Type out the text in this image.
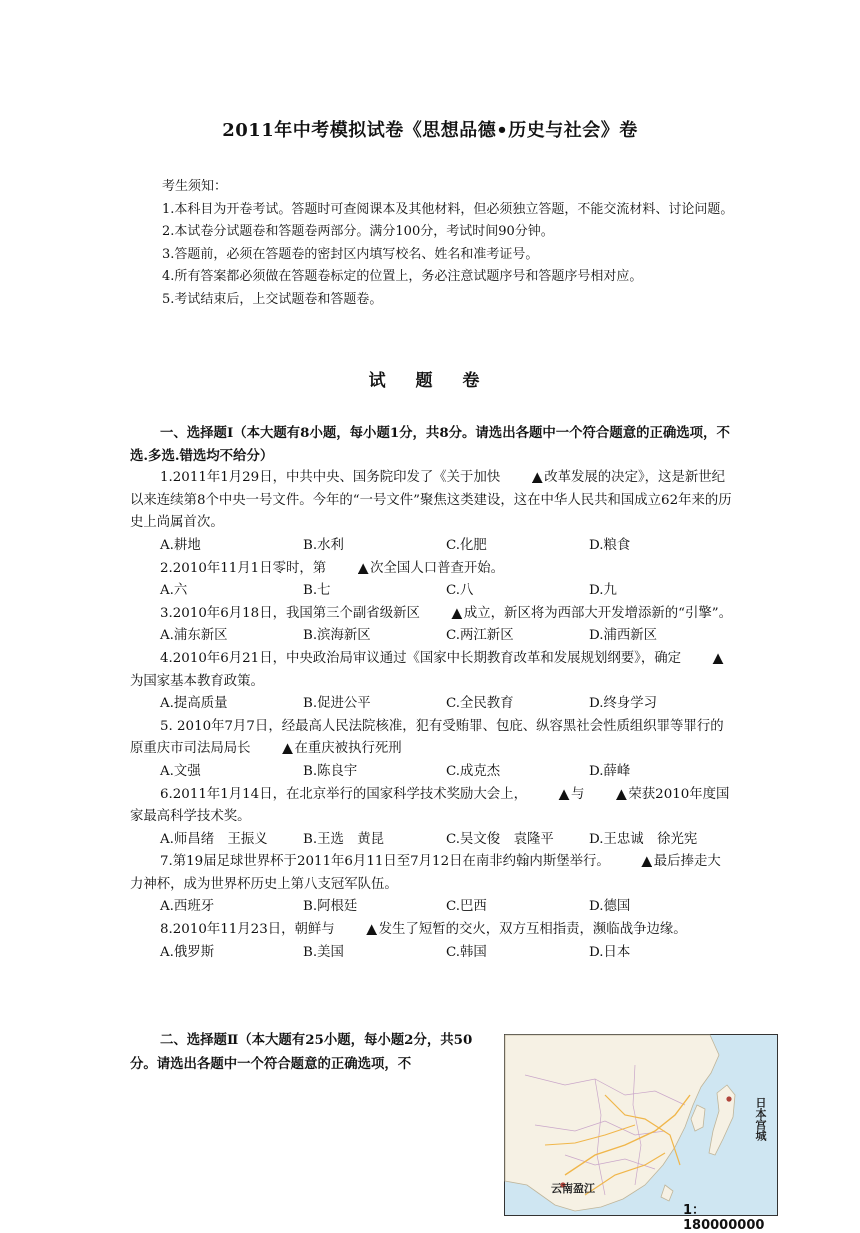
2011年中考模拟试卷《思想品德•历史与社会》卷
考生须知：
1.本科目为开卷考试。答题时可查阅课本及其他材料，但必须独立答题，不能交流材料、讨论问题。
2.本试卷分试题卷和答题卷两部分。满分100分，考试时间90分钟。
3.答题前，必须在答题卷的密封区内填写校名、姓名和准考证号。
4.所有答案都必须做在答题卷标定的位置上，务必注意试题序号和答题序号相对应。
5.考试结束后，上交试题卷和答题卷。
试 题 卷
一、选择题Ⅰ（本大题有8小题，每小题1分，共8分。请选出各题中一个符合题意的正确选项，不选.多选.错选均不给分）
1.2011年1月29日，中共中央、国务院印发了《关于加快 ▲ 改革发展的决定》，这是新世纪以来连续第8个中央一号文件。今年的“一号文件”聚焦这类建设，这在中华人民共和国成立62年来的历史上尚属首次。
A.耕地	B.水利	C.化肥	D.粮食
2.2010年11月1日零时，第 ▲ 次全国人口普查开始。
A.六	B.七	C.八	D.九
3.2010年6月18日，我国第三个副省级新区 ▲ 成立，新区将为西部大开发增添新的“引擎”。
A.浦东新区	B.滨海新区	C.两江新区	D.浦西新区
4.2010年6月21日，中央政治局审议通过《国家中长期教育改革和发展规划纲要》，确定 ▲为国家基本教育政策。
A.提高质量	B.促进公平	C.全民教育	D.终身学习
5. 2010年7月7日，经最高人民法院核准，犯有受贿罪、包庇、纵容黑社会性质组织罪等罪行的原重庆市司法局局长 ▲ 在重庆被执行死刑
A.文强	B.陈良宇	C.成克杰	D.薛峰
6.2011年1月14日，在北京举行的国家科学技术奖励大会上， ▲ 与 ▲ 荣获2010年度国家最高科学技术奖。
A.师昌绪　王振义	B.王选　黄昆	C.吴文俊　袁隆平	D.王忠诚　徐光宪
7.第19届足球世界杯于2011年6月11日至7月12日在南非约翰内斯堡举行。 ▲ 最后捧走大力神杯，成为世界杯历史上第八支冠军队伍。
A.西班牙	B.阿根廷	C.巴西	D.德国
8.2010年11月23日，朝鲜与 ▲ 发生了短暂的交火，双方互相指责，濒临战争边缘。
A.俄罗斯	B.美国	C.韩国	D.日本
二、选择题Ⅱ（本大题有25小题，每小题2分，共50分。请选出各题中一个符合题意的正确选项，不
云南盈江
日本宫城
1：180000000
